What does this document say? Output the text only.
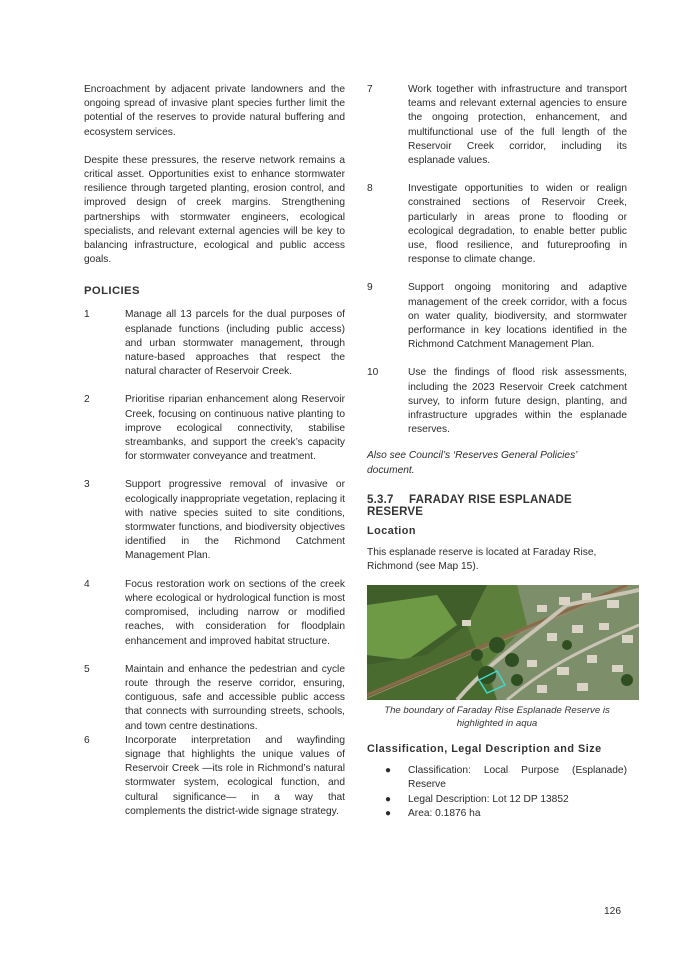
Encroachment by adjacent private landowners and the ongoing spread of invasive plant species further limit the potential of the reserves to provide natural buffering and ecosystem services.

Despite these pressures, the reserve network remains a critical asset. Opportunities exist to enhance stormwater resilience through targeted planting, erosion control, and improved design of creek margins. Strengthening partnerships with stormwater engineers, ecological specialists, and relevant external agencies will be key to balancing infrastructure, ecological and public access goals.

POLICIES
1	Manage all 13 parcels for the dual purposes of esplanade functions (including public access) and urban stormwater management, through nature-based approaches that respect the natural character of Reservoir Creek.
2	Prioritise riparian enhancement along Reservoir Creek, focusing on continuous native planting to improve ecological connectivity, stabilise streambanks, and support the creek’s capacity for stormwater conveyance and treatment.
3	Support progressive removal of invasive or ecologically inappropriate vegetation, replacing it with native species suited to site conditions, stormwater functions, and biodiversity objectives identified in the Richmond Catchment Management Plan.
4	Focus restoration work on sections of the creek where ecological or hydrological function is most compromised, including narrow or modified reaches, with consideration for floodplain enhancement and improved habitat structure.
5	Maintain and enhance the pedestrian and cycle route through the reserve corridor, ensuring, contiguous, safe and accessible public access that connects with surrounding streets, schools, and town centre destinations.
6	Incorporate interpretation and wayfinding signage that highlights the unique values of Reservoir Creek —its role in Richmond’s natural stormwater system, ecological function, and cultural significance— in a way that complements the district-wide signage strategy.
7	Work together with infrastructure and transport teams and relevant external agencies to ensure the ongoing protection, enhancement, and multifunctional use of the full length of the Reservoir Creek corridor, including its esplanade values.
8	Investigate opportunities to widen or realign constrained sections of Reservoir Creek, particularly in areas prone to flooding or ecological degradation, to enable better public use, flood resilience, and futureproofing in response to climate change.
9	Support ongoing monitoring and adaptive management of the creek corridor, with a focus on water quality, biodiversity, and stormwater performance in key locations identified in the Richmond Catchment Management Plan.
10	Use the findings of flood risk assessments, including the 2023 Reservoir Creek catchment survey, to inform future design, planting, and infrastructure upgrades within the esplanade reserves.

Also see Council’s ‘Reserves General Policies’ document.

5.3.7 FARADAY RISE ESPLANADE RESERVE
Location

This esplanade reserve is located at Faraday Rise, Richmond (see Map 15).

The boundary of Faraday Rise Esplanade Reserve is highlighted in aqua

Classification, Legal Description and Size
●	Classification: Local Purpose (Esplanade) Reserve
●	Legal Description: Lot 12 DP 13852
●	Area: 0.1876 ha
126
